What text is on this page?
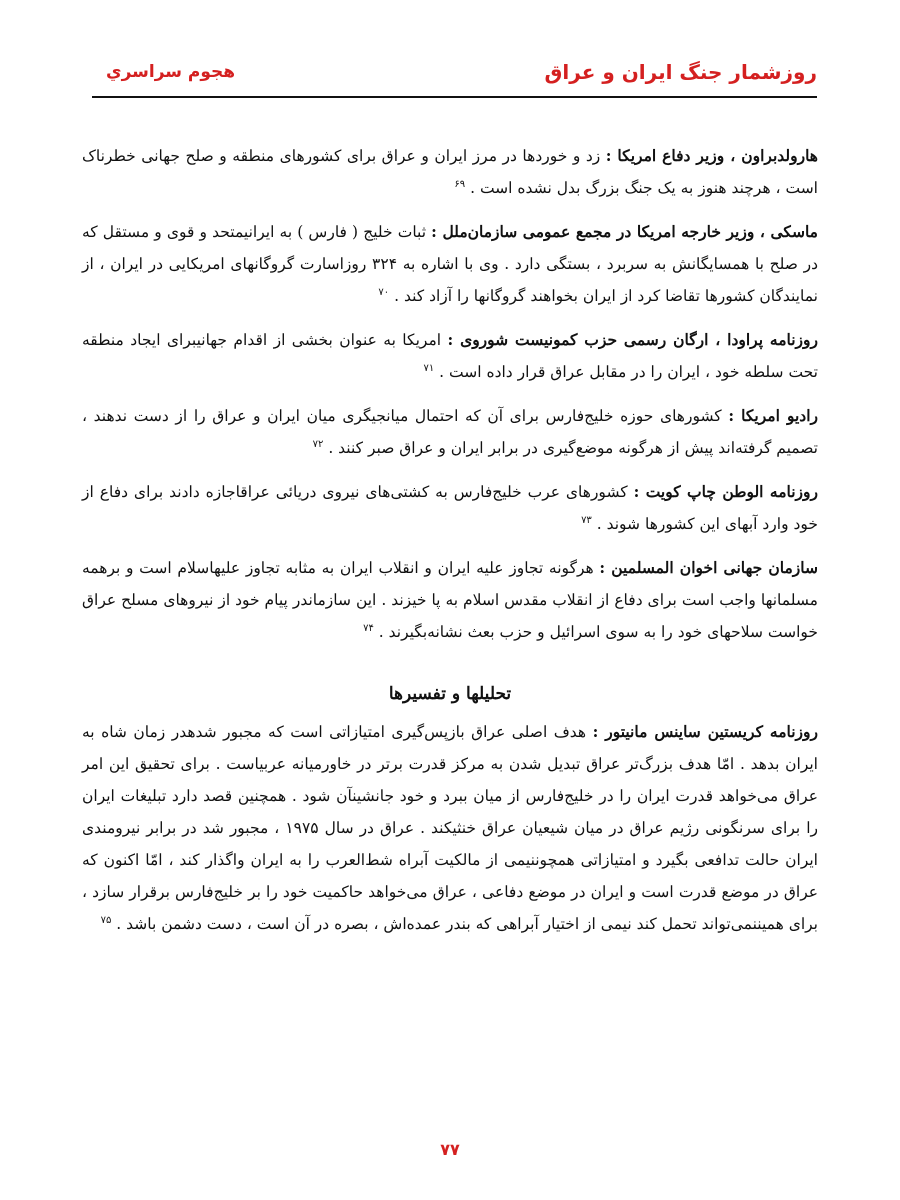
روزشمار جنگ ایران و عراق
هجوم سراسري

هارولدبراون ، وزیر دفاع امریکا : زد و خوردها در مرز ایران و عراق برای کشورهای منطقه و صلح جهانی خطرناک است ، هرچند هنوز به یک جنگ بزرگ بدل نشده است . $^{۶۹}$

ماسکی ، وزیر خارجه امریکا در مجمع عمومی سازمان‌ملل : ثبات خلیج ( فارس ) به ایرانیمتحد و قوی و مستقل که در صلح با همسایگانش به سربرد ، بستگی دارد . وی با اشاره به ۳۲۴ روزاسارت گروگانهای امریکایی در ایران ، از نمایندگان کشورها تقاضا کرد از ایران بخواهند گروگانها را آزاد کند . $^{۷۰}$

روزنامه پراودا ، ارگان رسمی حزب کمونیست شوروی : امریکا به عنوان بخشی از اقدام جهانیبرای ایجاد منطقه تحت سلطه خود ، ایران را در مقابل عراق قرار داده است . $^{۷۱}$

رادیو امریکا : کشورهای حوزه خلیج‌فارس برای آن که احتمال میانجیگری میان ایران و عراق را از دست ندهند ، تصمیم گرفته‌اند پیش از هرگونه موضع‌گیری در برابر ایران و عراق صبر کنند . $^{۷۲}$

روزنامه الوطن چاپ کویت : کشورهای عرب خلیج‌فارس به کشتی‌های نیروی دریائی عراقاجازه دادند برای دفاع از خود وارد آبهای این کشورها شوند . $^{۷۳}$

سازمان جهانی اخوان المسلمین : هرگونه تجاوز علیه ایران و انقلاب ایران به مثابه تجاوز علیهاسلام است و برهمه مسلمانها واجب است برای دفاع از انقلاب مقدس اسلام به پا خیزند . این سازماندر پیام خود از نیروهای مسلح عراق خواست سلاحهای خود را به سوی اسرائیل و حزب بعث نشانه‌بگیرند . $^{۷۴}$

تحلیلها و تفسیرها

روزنامه کریستین ساینس مانیتور : هدف اصلی عراق بازپس‌گیری امتیازاتی است که مجبور شدهدر زمان شاه به ایران بدهد . امّا هدف بزرگ‌تر عراق تبدیل شدن به مرکز قدرت برتر در خاورمیانه عربیاست . برای تحقیق این امر عراق می‌خواهد قدرت ایران را در خلیج‌فارس از میان ببرد و خود جانشینآن شود . همچنین قصد دارد تبلیغات ایران را برای سرنگونی رژیم عراق در میان شیعیان عراق خنثیکند . عراق در سال ۱۹۷۵ ، مجبور شد در برابر نیرومندی ایران حالت تدافعی بگیرد و امتیازاتی همچوننیمی از مالکیت آبراه شط‌العرب را به ایران واگذار کند ، امّا اکنون که عراق در موضع قدرت است و ایران در موضع دفاعی ، عراق می‌خواهد حاکمیت خود را بر خلیج‌فارس برقرار سازد ، برای همیننمی‌تواند تحمل کند نیمی از اختیار آبراهی که بندر عمده‌اش ، بصره در آن است ، دست دشمن باشد . $^{۷۵}$

۷۷
